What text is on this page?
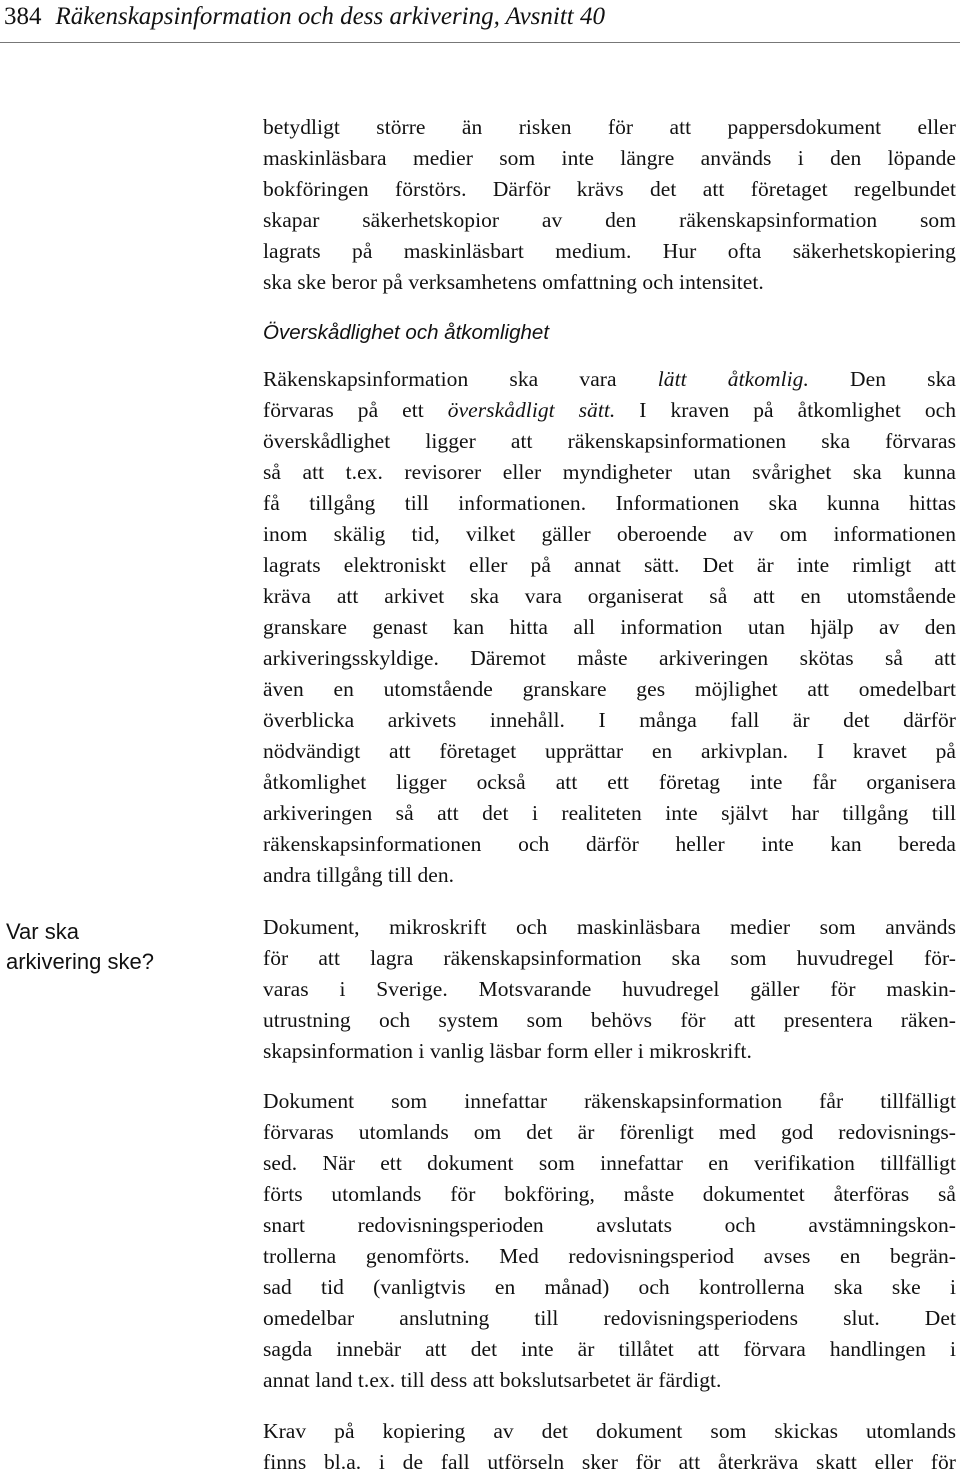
384 Räkenskapsinformation och dess arkivering, Avsnitt 40
Var ska
arkivering ske?

betydligt större än risken för att pappersdokument eller
maskinläsbara medier som inte längre används i den löpande
bokföringen förstörs. Därför krävs det att företaget regelbundet
skapar säkerhetskopior av den räkenskapsinformation som
lagrats på maskinläsbart medium. Hur ofta säkerhetskopiering
ska ske beror på verksamhetens omfattning och intensitet.

Överskådlighet och åtkomlighet

Räkenskapsinformation ska vara lätt åtkomlig. Den ska
förvaras på ett överskådligt sätt. I kraven på åtkomlighet och
överskådlighet ligger att räkenskapsinformationen ska förvaras
så att t.ex. revisorer eller myndigheter utan svårighet ska kunna
få tillgång till informationen. Informationen ska kunna hittas
inom skälig tid, vilket gäller oberoende av om informationen
lagrats elektroniskt eller på annat sätt. Det är inte rimligt att
kräva att arkivet ska vara organiserat så att en utomstående
granskare genast kan hitta all information utan hjälp av den
arkiveringsskyldige. Däremot måste arkiveringen skötas så att
även en utomstående granskare ges möjlighet att omedelbart
överblicka arkivets innehåll. I många fall är det därför
nödvändigt att företaget upprättar en arkivplan. I kravet på
åtkomlighet ligger också att ett företag inte får organisera
arkiveringen så att det i realiteten inte självt har tillgång till
räkenskapsinformationen och därför heller inte kan bereda
andra tillgång till den.

Dokument, mikroskrift och maskinläsbara medier som används
för att lagra räkenskapsinformation ska som huvudregel för-
varas i Sverige. Motsvarande huvudregel gäller för maskin-
utrustning och system som behövs för att presentera räken-
skapsinformation i vanlig läsbar form eller i mikroskrift.

Dokument som innefattar räkenskapsinformation får tillfälligt
förvaras utomlands om det är förenligt med god redovisnings-
sed. När ett dokument som innefattar en verifikation tillfälligt
förts utomlands för bokföring, måste dokumentet återföras så
snart redovisningsperioden avslutats och avstämningskon-
trollerna genomförts. Med redovisningsperiod avses en begrän-
sad tid (vanligtvis en månad) och kontrollerna ska ske i
omedelbar anslutning till redovisningsperiodens slut. Det
sagda innebär att det inte är tillåtet att förvara handlingen i
annat land t.ex. till dess att bokslutsarbetet är färdigt.

Krav på kopiering av det dokument som skickas utomlands
finns bl.a. i de fall utförseln sker för att återkräva skatt eller för
